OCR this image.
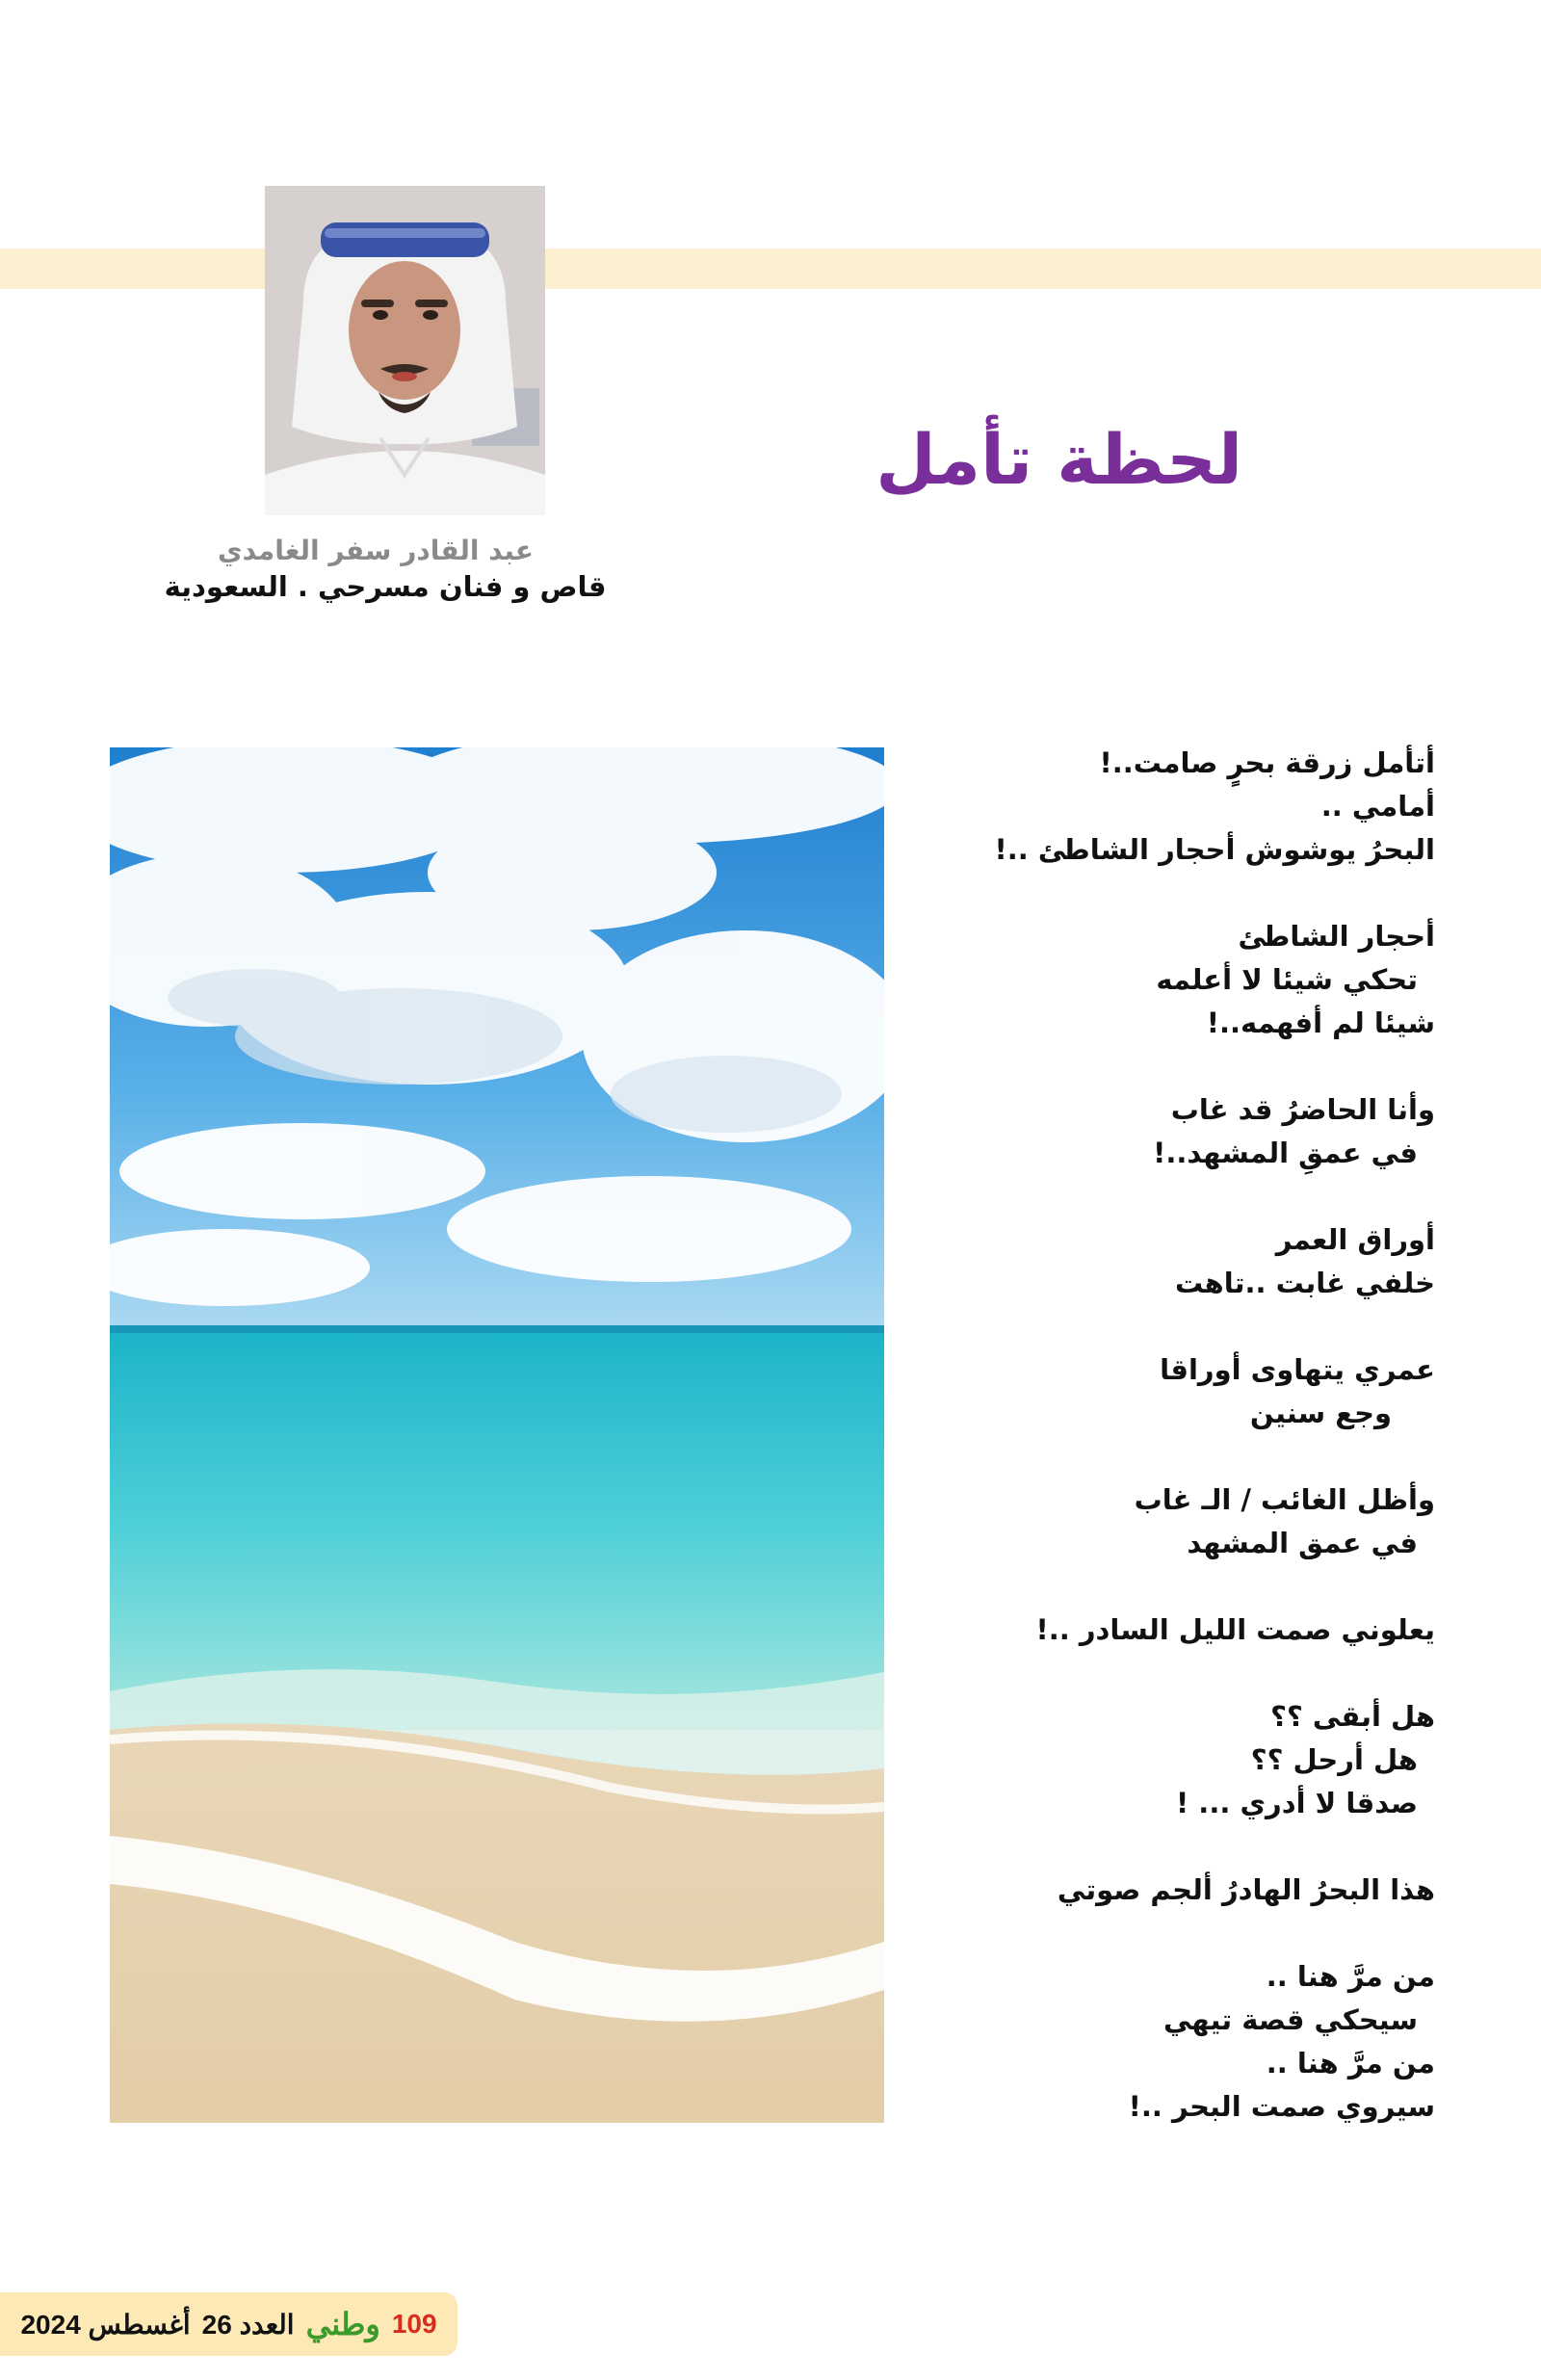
عبد القادر سفر الغامدي
قاص و فنان مسرحي . السعودية
لحظة تأمل
أتأمل زرقة بحرٍ صامت..!
أمامي ..
البحرُ يوشوش أحجار الشاطئ ..!
أحجار الشاطئ
تحكي شيئا لا أعلمه
شيئا لم أفهمه..!
وأنا الحاضرُ قد غاب
في عمقِ المشهد..!
أوراق العمر
خلفي غابت ..تاهت
عمري يتهاوى أوراقا
وجع سنين
وأظل الغائب / الـ غاب
في عمق المشهد
يعلوني صمت الليل السادر ..!
هل أبقى ؟؟
هل أرحل ؟؟
صدقا لا أدري ... !
هذا البحرُ الهادرُ ألجم صوتي
من مرَّ هنا ..
سيحكي قصة تيهي
من مرَّ هنا ..
سيروي صمت البحر ..!
109
وطني
العدد 26
أغسطس 2024
